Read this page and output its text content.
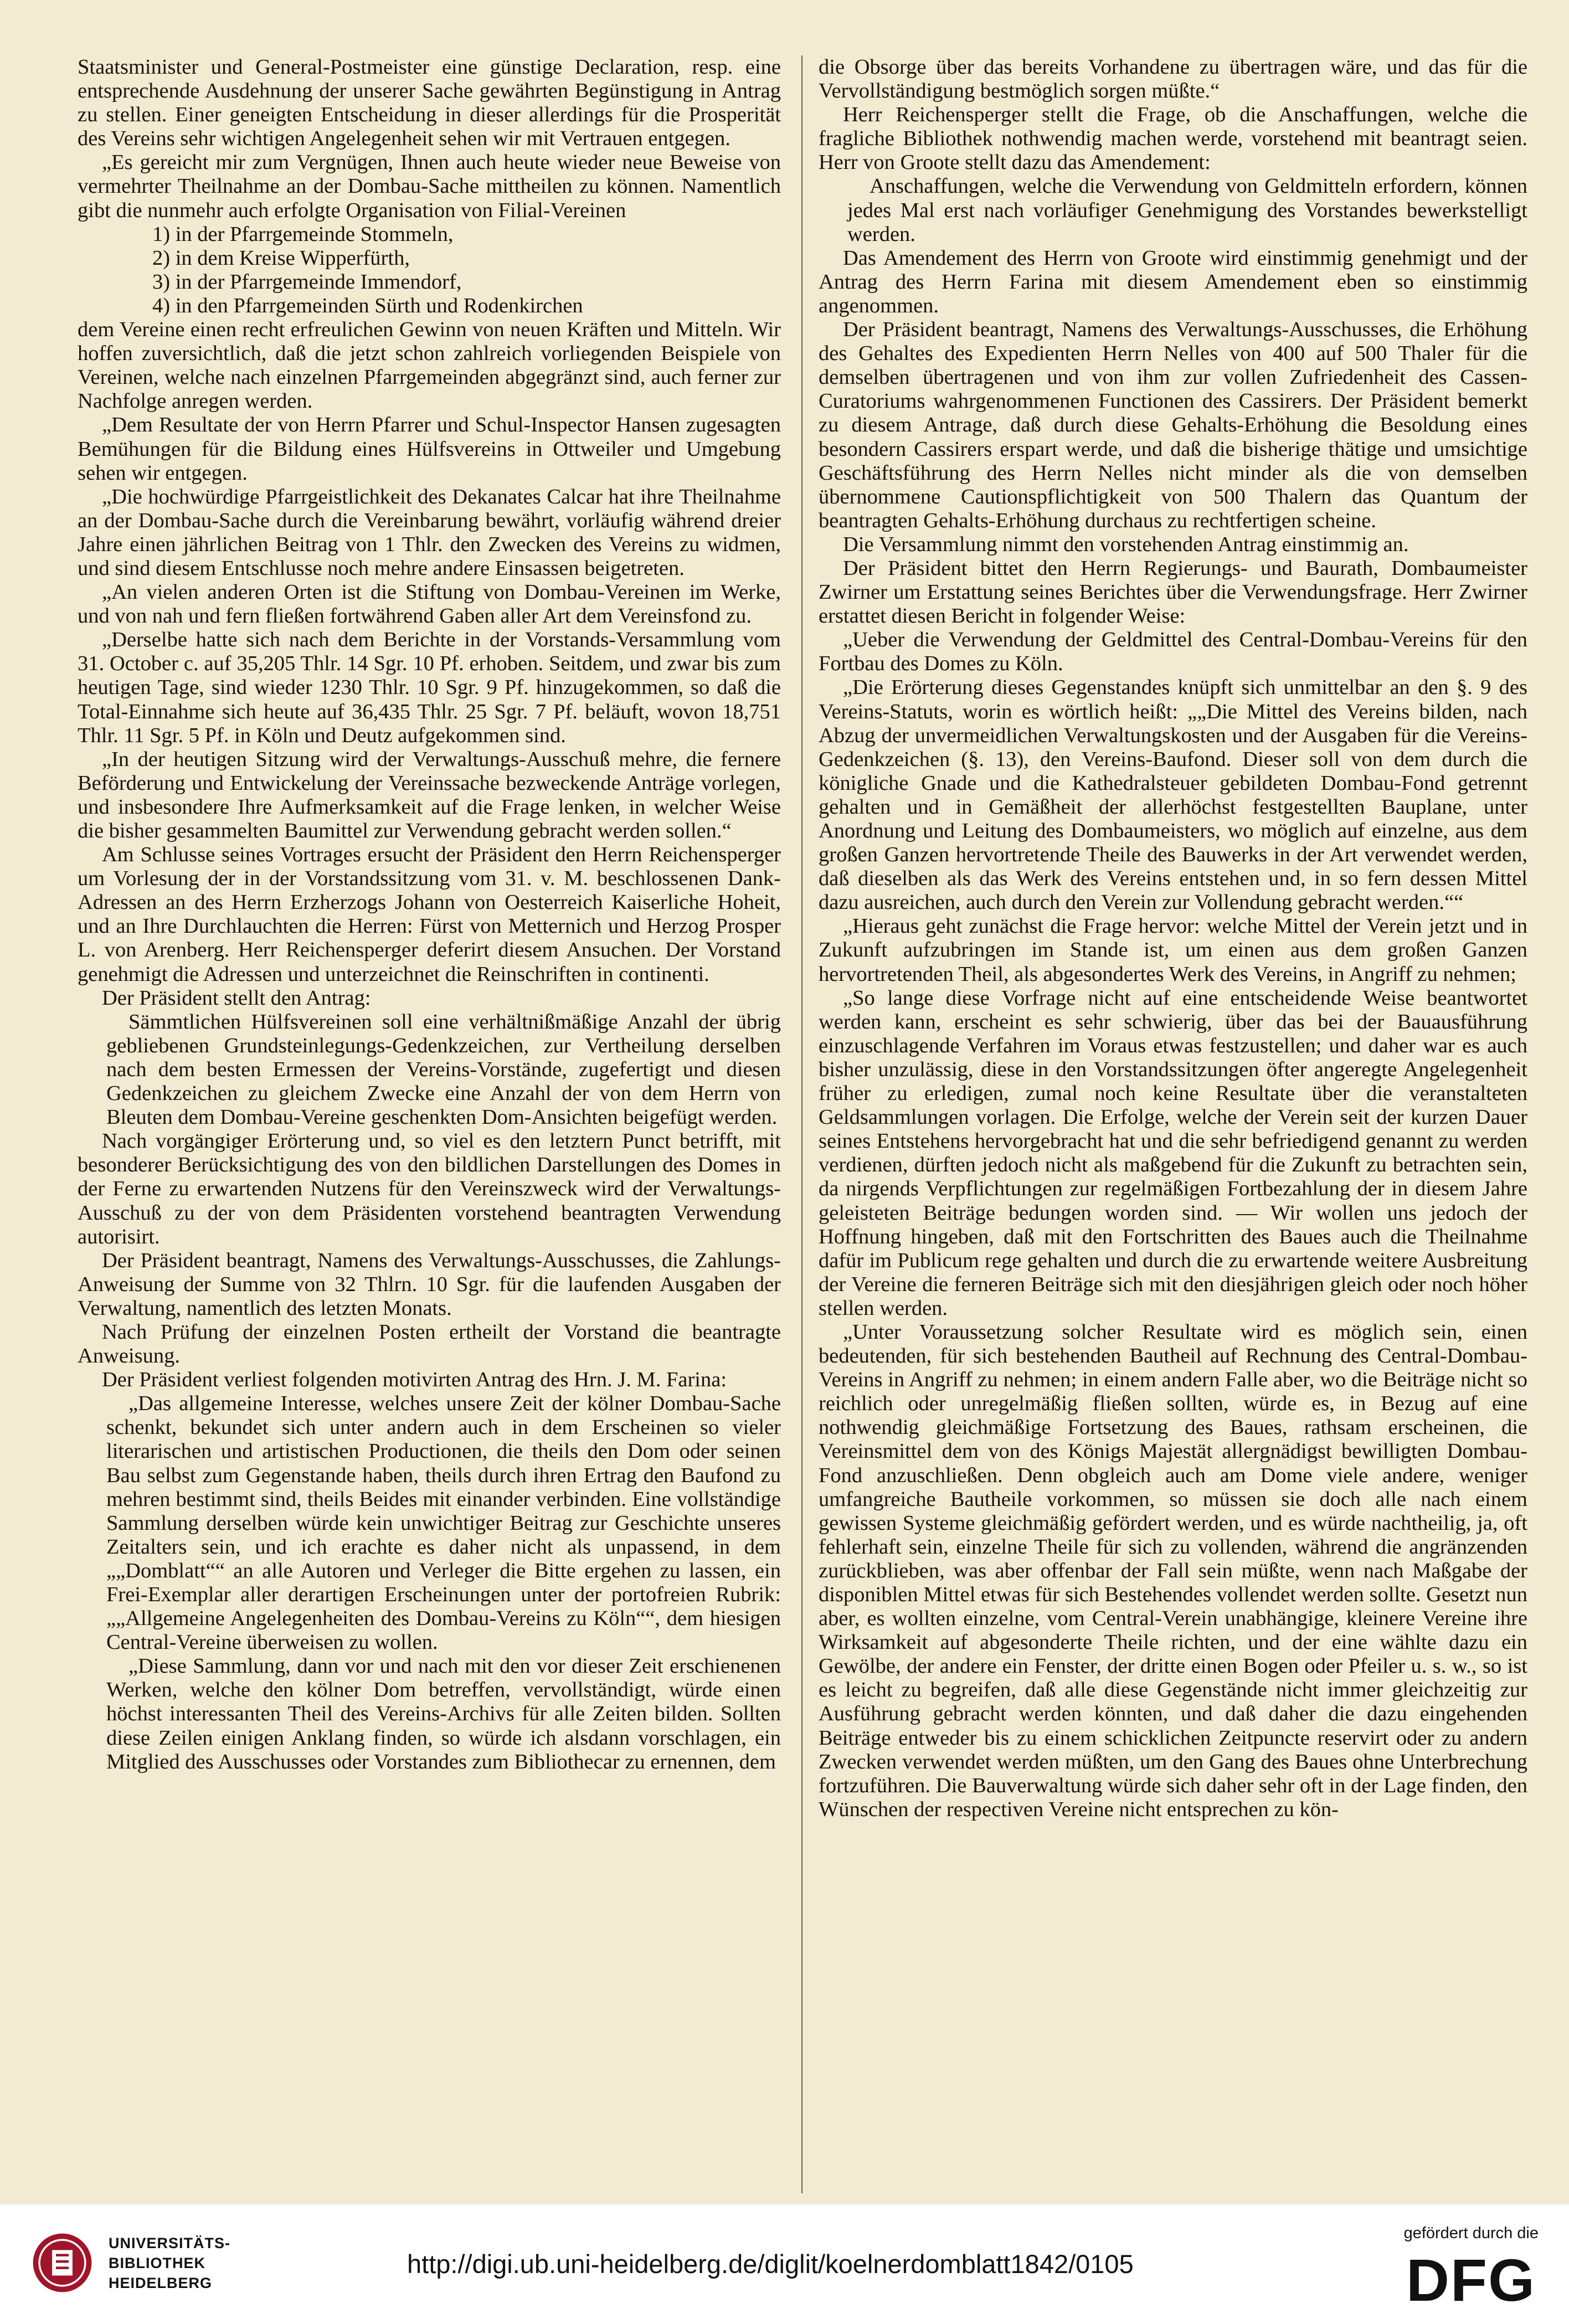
Staatsminister und General-Postmeister eine günstige Declaration, resp. eine entsprechende Ausdehnung der unserer Sache gewährten Begünstigung in Antrag zu stellen. Einer geneigten Entscheidung in dieser allerdings für die Prosperität des Vereins sehr wichtigen Angelegenheit sehen wir mit Vertrauen entgegen.

„Es gereicht mir zum Vergnügen, Ihnen auch heute wieder neue Beweise von vermehrter Theilnahme an der Dombau-Sache mittheilen zu können. Namentlich gibt die nunmehr auch erfolgte Organisation von Filial-Vereinen

1) in der Pfarrgemeinde Stommeln,

2) in dem Kreise Wipperfürth,

3) in der Pfarrgemeinde Immendorf,

4) in den Pfarrgemeinden Sürth und Rodenkirchen

dem Vereine einen recht erfreulichen Gewinn von neuen Kräften und Mitteln. Wir hoffen zuversichtlich, daß die jetzt schon zahlreich vorliegenden Beispiele von Vereinen, welche nach einzelnen Pfarrgemeinden abgegränzt sind, auch ferner zur Nachfolge anregen werden.

„Dem Resultate der von Herrn Pfarrer und Schul-Inspector Hansen zugesagten Bemühungen für die Bildung eines Hülfsvereins in Ottweiler und Umgebung sehen wir entgegen.

„Die hochwürdige Pfarrgeistlichkeit des Dekanates Calcar hat ihre Theilnahme an der Dombau-Sache durch die Vereinbarung bewährt, vorläufig während dreier Jahre einen jährlichen Beitrag von 1 Thlr. den Zwecken des Vereins zu widmen, und sind diesem Entschlusse noch mehre andere Einsassen beigetreten.

„An vielen anderen Orten ist die Stiftung von Dombau-Vereinen im Werke, und von nah und fern fließen fortwährend Gaben aller Art dem Vereinsfond zu.

„Derselbe hatte sich nach dem Berichte in der Vorstands-Versammlung vom 31. October c. auf 35,205 Thlr. 14 Sgr. 10 Pf. erhoben. Seitdem, und zwar bis zum heutigen Tage, sind wieder 1230 Thlr. 10 Sgr. 9 Pf. hinzugekommen, so daß die Total-Einnahme sich heute auf 36,435 Thlr. 25 Sgr. 7 Pf. beläuft, wovon 18,751 Thlr. 11 Sgr. 5 Pf. in Köln und Deutz aufgekommen sind.

„In der heutigen Sitzung wird der Verwaltungs-Ausschuß mehre, die fernere Beförderung und Entwickelung der Vereinssache bezweckende Anträge vorlegen, und insbesondere Ihre Aufmerksamkeit auf die Frage lenken, in welcher Weise die bisher gesammelten Baumittel zur Verwendung gebracht werden sollen.“

Am Schlusse seines Vortrages ersucht der Präsident den Herrn Reichensperger um Vorlesung der in der Vorstandssitzung vom 31. v. M. beschlossenen Dank-Adressen an des Herrn Erzherzogs Johann von Oesterreich Kaiserliche Hoheit, und an Ihre Durchlauchten die Herren: Fürst von Metternich und Herzog Prosper L. von Arenberg. Herr Reichensperger deferirt diesem Ansuchen. Der Vorstand genehmigt die Adressen und unterzeichnet die Reinschriften in continenti.

Der Präsident stellt den Antrag:

Sämmtlichen Hülfsvereinen soll eine verhältnißmäßige Anzahl der übrig gebliebenen Grundsteinlegungs-Gedenkzeichen, zur Vertheilung derselben nach dem besten Ermessen der Vereins-Vorstände, zugefertigt und diesen Gedenkzeichen zu gleichem Zwecke eine Anzahl der von dem Herrn von Bleuten dem Dombau-Vereine geschenkten Dom-Ansichten beigefügt werden.

Nach vorgängiger Erörterung und, so viel es den letztern Punct betrifft, mit besonderer Berücksichtigung des von den bildlichen Darstellungen des Domes in der Ferne zu erwartenden Nutzens für den Vereinszweck wird der Verwaltungs-Ausschuß zu der von dem Präsidenten vorstehend beantragten Verwendung autorisirt.

Der Präsident beantragt, Namens des Verwaltungs-Ausschusses, die Zahlungs-Anweisung der Summe von 32 Thlrn. 10 Sgr. für die laufenden Ausgaben der Verwaltung, namentlich des letzten Monats.

Nach Prüfung der einzelnen Posten ertheilt der Vorstand die beantragte Anweisung.

Der Präsident verliest folgenden motivirten Antrag des Hrn. J. M. Farina:

„Das allgemeine Interesse, welches unsere Zeit der kölner Dombau-Sache schenkt, bekundet sich unter andern auch in dem Erscheinen so vieler literarischen und artistischen Productionen, die theils den Dom oder seinen Bau selbst zum Gegenstande haben, theils durch ihren Ertrag den Baufond zu mehren bestimmt sind, theils Beides mit einander verbinden. Eine vollständige Sammlung derselben würde kein unwichtiger Beitrag zur Geschichte unseres Zeitalters sein, und ich erachte es daher nicht als unpassend, in dem „„Domblatt““ an alle Autoren und Verleger die Bitte ergehen zu lassen, ein Frei-Exemplar aller derartigen Erscheinungen unter der portofreien Rubrik: „„Allgemeine Angelegenheiten des Dombau-Vereins zu Köln““, dem hiesigen Central-Vereine überweisen zu wollen.

„Diese Sammlung, dann vor und nach mit den vor dieser Zeit erschienenen Werken, welche den kölner Dom betreffen, vervollständigt, würde einen höchst interessanten Theil des Vereins-Archivs für alle Zeiten bilden. Sollten diese Zeilen einigen Anklang finden, so würde ich alsdann vorschlagen, ein Mitglied des Ausschusses oder Vorstandes zum Bibliothecar zu ernennen, dem

die Obsorge über das bereits Vorhandene zu übertragen wäre, und das für die Vervollständigung bestmöglich sorgen müßte.“

Herr Reichensperger stellt die Frage, ob die Anschaffungen, welche die fragliche Bibliothek nothwendig machen werde, vorstehend mit beantragt seien. Herr von Groote stellt dazu das Amendement:

Anschaffungen, welche die Verwendung von Geldmitteln erfordern, können jedes Mal erst nach vorläufiger Genehmigung des Vorstandes bewerkstelligt werden.

Das Amendement des Herrn von Groote wird einstimmig genehmigt und der Antrag des Herrn Farina mit diesem Amendement eben so einstimmig angenommen.

Der Präsident beantragt, Namens des Verwaltungs-Ausschusses, die Erhöhung des Gehaltes des Expedienten Herrn Nelles von 400 auf 500 Thaler für die demselben übertragenen und von ihm zur vollen Zufriedenheit des Cassen-Curatoriums wahrgenommenen Functionen des Cassirers. Der Präsident bemerkt zu diesem Antrage, daß durch diese Gehalts-Erhöhung die Besoldung eines besondern Cassirers erspart werde, und daß die bisherige thätige und umsichtige Geschäftsführung des Herrn Nelles nicht minder als die von demselben übernommene Cautionspflichtigkeit von 500 Thalern das Quantum der beantragten Gehalts-Erhöhung durchaus zu rechtfertigen scheine.

Die Versammlung nimmt den vorstehenden Antrag einstimmig an.

Der Präsident bittet den Herrn Regierungs- und Baurath, Dombaumeister Zwirner um Erstattung seines Berichtes über die Verwendungsfrage. Herr Zwirner erstattet diesen Bericht in folgender Weise:

„Ueber die Verwendung der Geldmittel des Central-Dombau-Vereins für den Fortbau des Domes zu Köln.

„Die Erörterung dieses Gegenstandes knüpft sich unmittelbar an den §. 9 des Vereins-Statuts, worin es wörtlich heißt: „„Die Mittel des Vereins bilden, nach Abzug der unvermeidlichen Verwaltungskosten und der Ausgaben für die Vereins-Gedenkzeichen (§. 13), den Vereins-Baufond. Dieser soll von dem durch die königliche Gnade und die Kathedralsteuer gebildeten Dombau-Fond getrennt gehalten und in Gemäßheit der allerhöchst festgestellten Bauplane, unter Anordnung und Leitung des Dombaumeisters, wo möglich auf einzelne, aus dem großen Ganzen hervortretende Theile des Bauwerks in der Art verwendet werden, daß dieselben als das Werk des Vereins entstehen und, in so fern dessen Mittel dazu ausreichen, auch durch den Verein zur Vollendung gebracht werden.““

„Hieraus geht zunächst die Frage hervor: welche Mittel der Verein jetzt und in Zukunft aufzubringen im Stande ist, um einen aus dem großen Ganzen hervortretenden Theil, als abgesondertes Werk des Vereins, in Angriff zu nehmen;

„So lange diese Vorfrage nicht auf eine entscheidende Weise beantwortet werden kann, erscheint es sehr schwierig, über das bei der Bauausführung einzuschlagende Verfahren im Voraus etwas festzustellen; und daher war es auch bisher unzulässig, diese in den Vorstandssitzungen öfter angeregte Angelegenheit früher zu erledigen, zumal noch keine Resultate über die veranstalteten Geldsammlungen vorlagen. Die Erfolge, welche der Verein seit der kurzen Dauer seines Entstehens hervorgebracht hat und die sehr befriedigend genannt zu werden verdienen, dürften jedoch nicht als maßgebend für die Zukunft zu betrachten sein, da nirgends Verpflichtungen zur regelmäßigen Fortbezahlung der in diesem Jahre geleisteten Beiträge bedungen worden sind. — Wir wollen uns jedoch der Hoffnung hingeben, daß mit den Fortschritten des Baues auch die Theilnahme dafür im Publicum rege gehalten und durch die zu erwartende weitere Ausbreitung der Vereine die ferneren Beiträge sich mit den diesjährigen gleich oder noch höher stellen werden.

„Unter Voraussetzung solcher Resultate wird es möglich sein, einen bedeutenden, für sich bestehenden Bautheil auf Rechnung des Central-Dombau-Vereins in Angriff zu nehmen; in einem andern Falle aber, wo die Beiträge nicht so reichlich oder unregelmäßig fließen sollten, würde es, in Bezug auf eine nothwendig gleichmäßige Fortsetzung des Baues, rathsam erscheinen, die Vereinsmittel dem von des Königs Majestät allergnädigst bewilligten Dombau-Fond anzuschließen. Denn obgleich auch am Dome viele andere, weniger umfangreiche Bautheile vorkommen, so müssen sie doch alle nach einem gewissen Systeme gleichmäßig gefördert werden, und es würde nachtheilig, ja, oft fehlerhaft sein, einzelne Theile für sich zu vollenden, während die angränzenden zurückblieben, was aber offenbar der Fall sein müßte, wenn nach Maßgabe der disponiblen Mittel etwas für sich Bestehendes vollendet werden sollte. Gesetzt nun aber, es wollten einzelne, vom Central-Verein unabhängige, kleinere Vereine ihre Wirksamkeit auf abgesonderte Theile richten, und der eine wählte dazu ein Gewölbe, der andere ein Fenster, der dritte einen Bogen oder Pfeiler u. s. w., so ist es leicht zu begreifen, daß alle diese Gegenstände nicht immer gleichzeitig zur Ausführung gebracht werden könnten, und daß daher die dazu eingehenden Beiträge entweder bis zu einem schicklichen Zeitpuncte reservirt oder zu andern Zwecken verwendet werden müßten, um den Gang des Baues ohne Unterbrechung fortzuführen. Die Bauverwaltung würde sich daher sehr oft in der Lage finden, den Wünschen der respectiven Vereine nicht entsprechen zu kön-

UNIVERSITÄTS-
BIBLIOTHEK
HEIDELBERG
http://digi.ub.uni-heidelberg.de/diglit/koelnerdomblatt1842/0105
gefördert durch die
DFG
